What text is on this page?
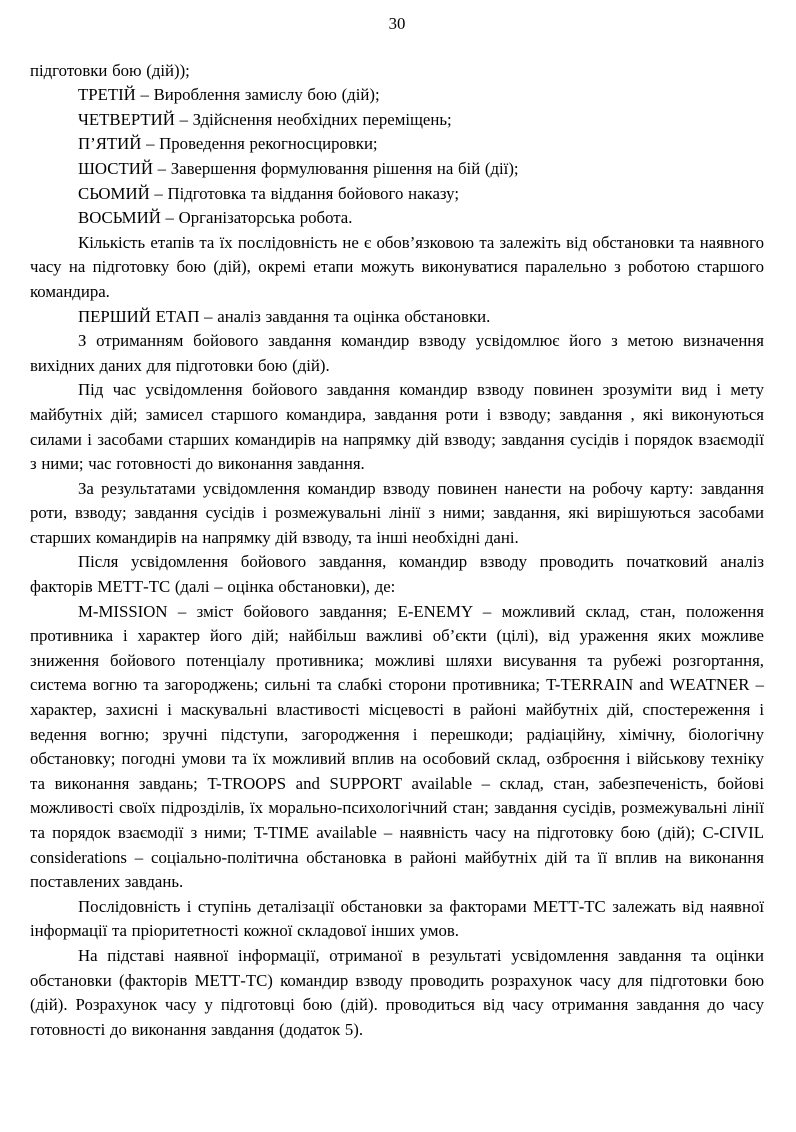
30

підготовки бою (дій));

ТРЕТІЙ – Вироблення замислу бою (дій);

ЧЕТВЕРТИЙ – Здійснення необхідних переміщень;

П’ЯТИЙ – Проведення рекогносцировки;

ШОСТИЙ – Завершення формулювання рішення на бій (дії);

СЬОМИЙ – Підготовка та віддання бойового наказу;

ВОСЬМИЙ – Організаторська робота.

Кількість етапів та їх послідовність не є обов’язковою та залежіть від обстановки та наявного часу на підготовку бою (дій), окремі етапи можуть виконуватися паралельно з роботою старшого командира.

ПЕРШИЙ ЕТАП – аналіз завдання та оцінка обстановки.

З отриманням бойового завдання командир взводу усвідомлює його з метою визначення вихідних даних для підготовки бою (дій).

Під час усвідомлення бойового завдання командир взводу повинен зрозуміти вид і мету майбутніх дій; замисел старшого командира, завдання роти і взводу; завдання , які виконуються силами і засобами старших командирів на напрямку дій взводу; завдання сусідів і порядок взаємодії з ними; час готовності до виконання завдання.

За результатами усвідомлення командир взводу повинен нанести на робочу карту: завдання роти, взводу; завдання сусідів і розмежувальні лінії з ними; завдання, які вирішуються засобами старших командирів на напрямку дій взводу, та інші необхідні дані.

Після усвідомлення бойового завдання, командир взводу проводить початковий аналіз факторів МЕТТ-ТС (далі – оцінка обстановки), де:

M-MISSION – зміст бойового завдання; E-ENEMY – можливий склад, стан, положення противника і характер його дій; найбільш важливі об’єкти (цілі), від ураження яких можливе зниження бойового потенціалу противника; можливі шляхи висування та рубежі розгортання, система вогню та загороджень; сильні та слабкі сторони противника; T-TERRAIN and WEATNER – характер, захисні і маскувальні властивості місцевості в районі майбутніх дій, спостереження і ведення вогню; зручні підступи, загородження і перешкоди; радіаційну, хімічну, біологічну обстановку; погодні умови та їх можливий вплив на особовий склад, озброєння і військову техніку та виконання завдань; T-TROOPS and SUPPORT available – склад, стан, забезпеченість, бойові можливості своїх підрозділів, їх морально-психологічний стан; завдання сусідів, розмежувальні лінії та порядок взаємодії з ними; T-TIME available – наявність часу на підготовку бою (дій); C-CIVIL considerations – соціально-політична обстановка в районі майбутніх дій та її вплив на виконання поставлених завдань.

Послідовність і ступінь деталізації обстановки за факторами МЕТТ-ТС залежать від наявної інформації та пріоритетності кожної складової інших умов.

На підставі наявної інформації, отриманої в результаті усвідомлення завдання та оцінки обстановки (факторів МЕТТ-ТС) командир взводу проводить розрахунок часу для підготовки бою (дій). Розрахунок часу у підготовці бою (дій). проводиться від часу отримання завдання до часу готовності до виконання завдання (додаток 5).
